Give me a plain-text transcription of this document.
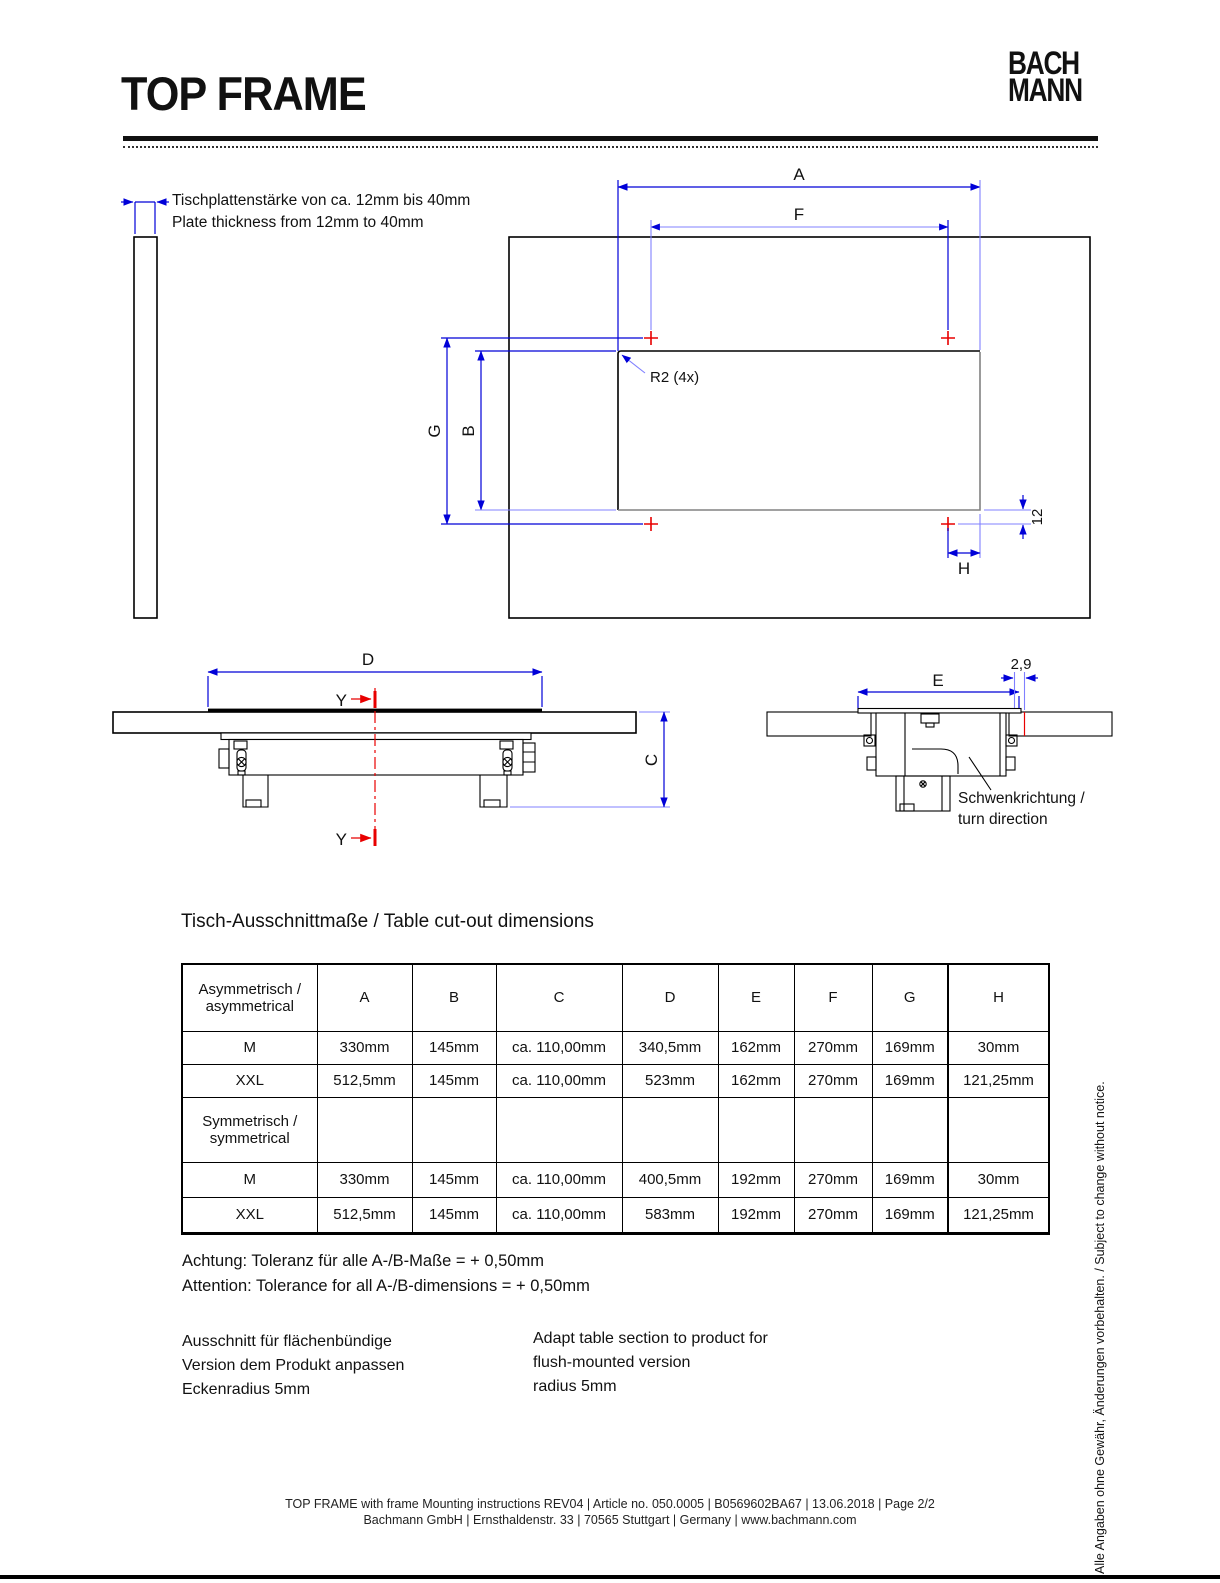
TOP FRAME
BACH
MANN
Tischplattenstärke von ca. 12mm bis 40mm
Plate thickness from 12mm to 40mm
A
F
G B
12
H
R2 (4x)
D
C
Y
Y
E
2,9
Schwenkrichtung /
turn direction
Tisch-Ausschnittmaße / Table cut-out dimensions
Asymmetrisch /
asymmetrical	A	B	C	D	E	F	G	H
M	330mm	145mm	ca. 110,00mm	340,5mm	162mm	270mm	169mm	30mm
XXL	512,5mm	145mm	ca. 110,00mm	523mm	162mm	270mm	169mm	121,25mm

Symmetrisch /
symmetrical								

M	330mm	145mm	ca. 110,00mm	400,5mm	192mm	270mm	169mm	30mm
XXL	512,5mm	145mm	ca. 110,00mm	583mm	192mm	270mm	169mm	121,25mm
Achtung: Toleranz für alle A-/B-Maße = + 0,50mm
Attention: Tolerance for all A-/B-dimensions = + 0,50mm
Ausschnitt für flächenbündige
Version dem Produkt anpassen
Eckenradius 5mm
Adapt table section to product for
flush-mounted version
radius 5mm
TOP FRAME with frame Mounting instructions REV04 | Article no. 050.0005 | B0569602BA67 | 13.06.2018 | Page 2/2
Bachmann GmbH | Ernsthaldenstr. 33 | 70565 Stuttgart | Germany | www.bachmann.com	Alle Angaben ohne Gewähr, Änderungen vorbehalten. / Subject to change without notice.
